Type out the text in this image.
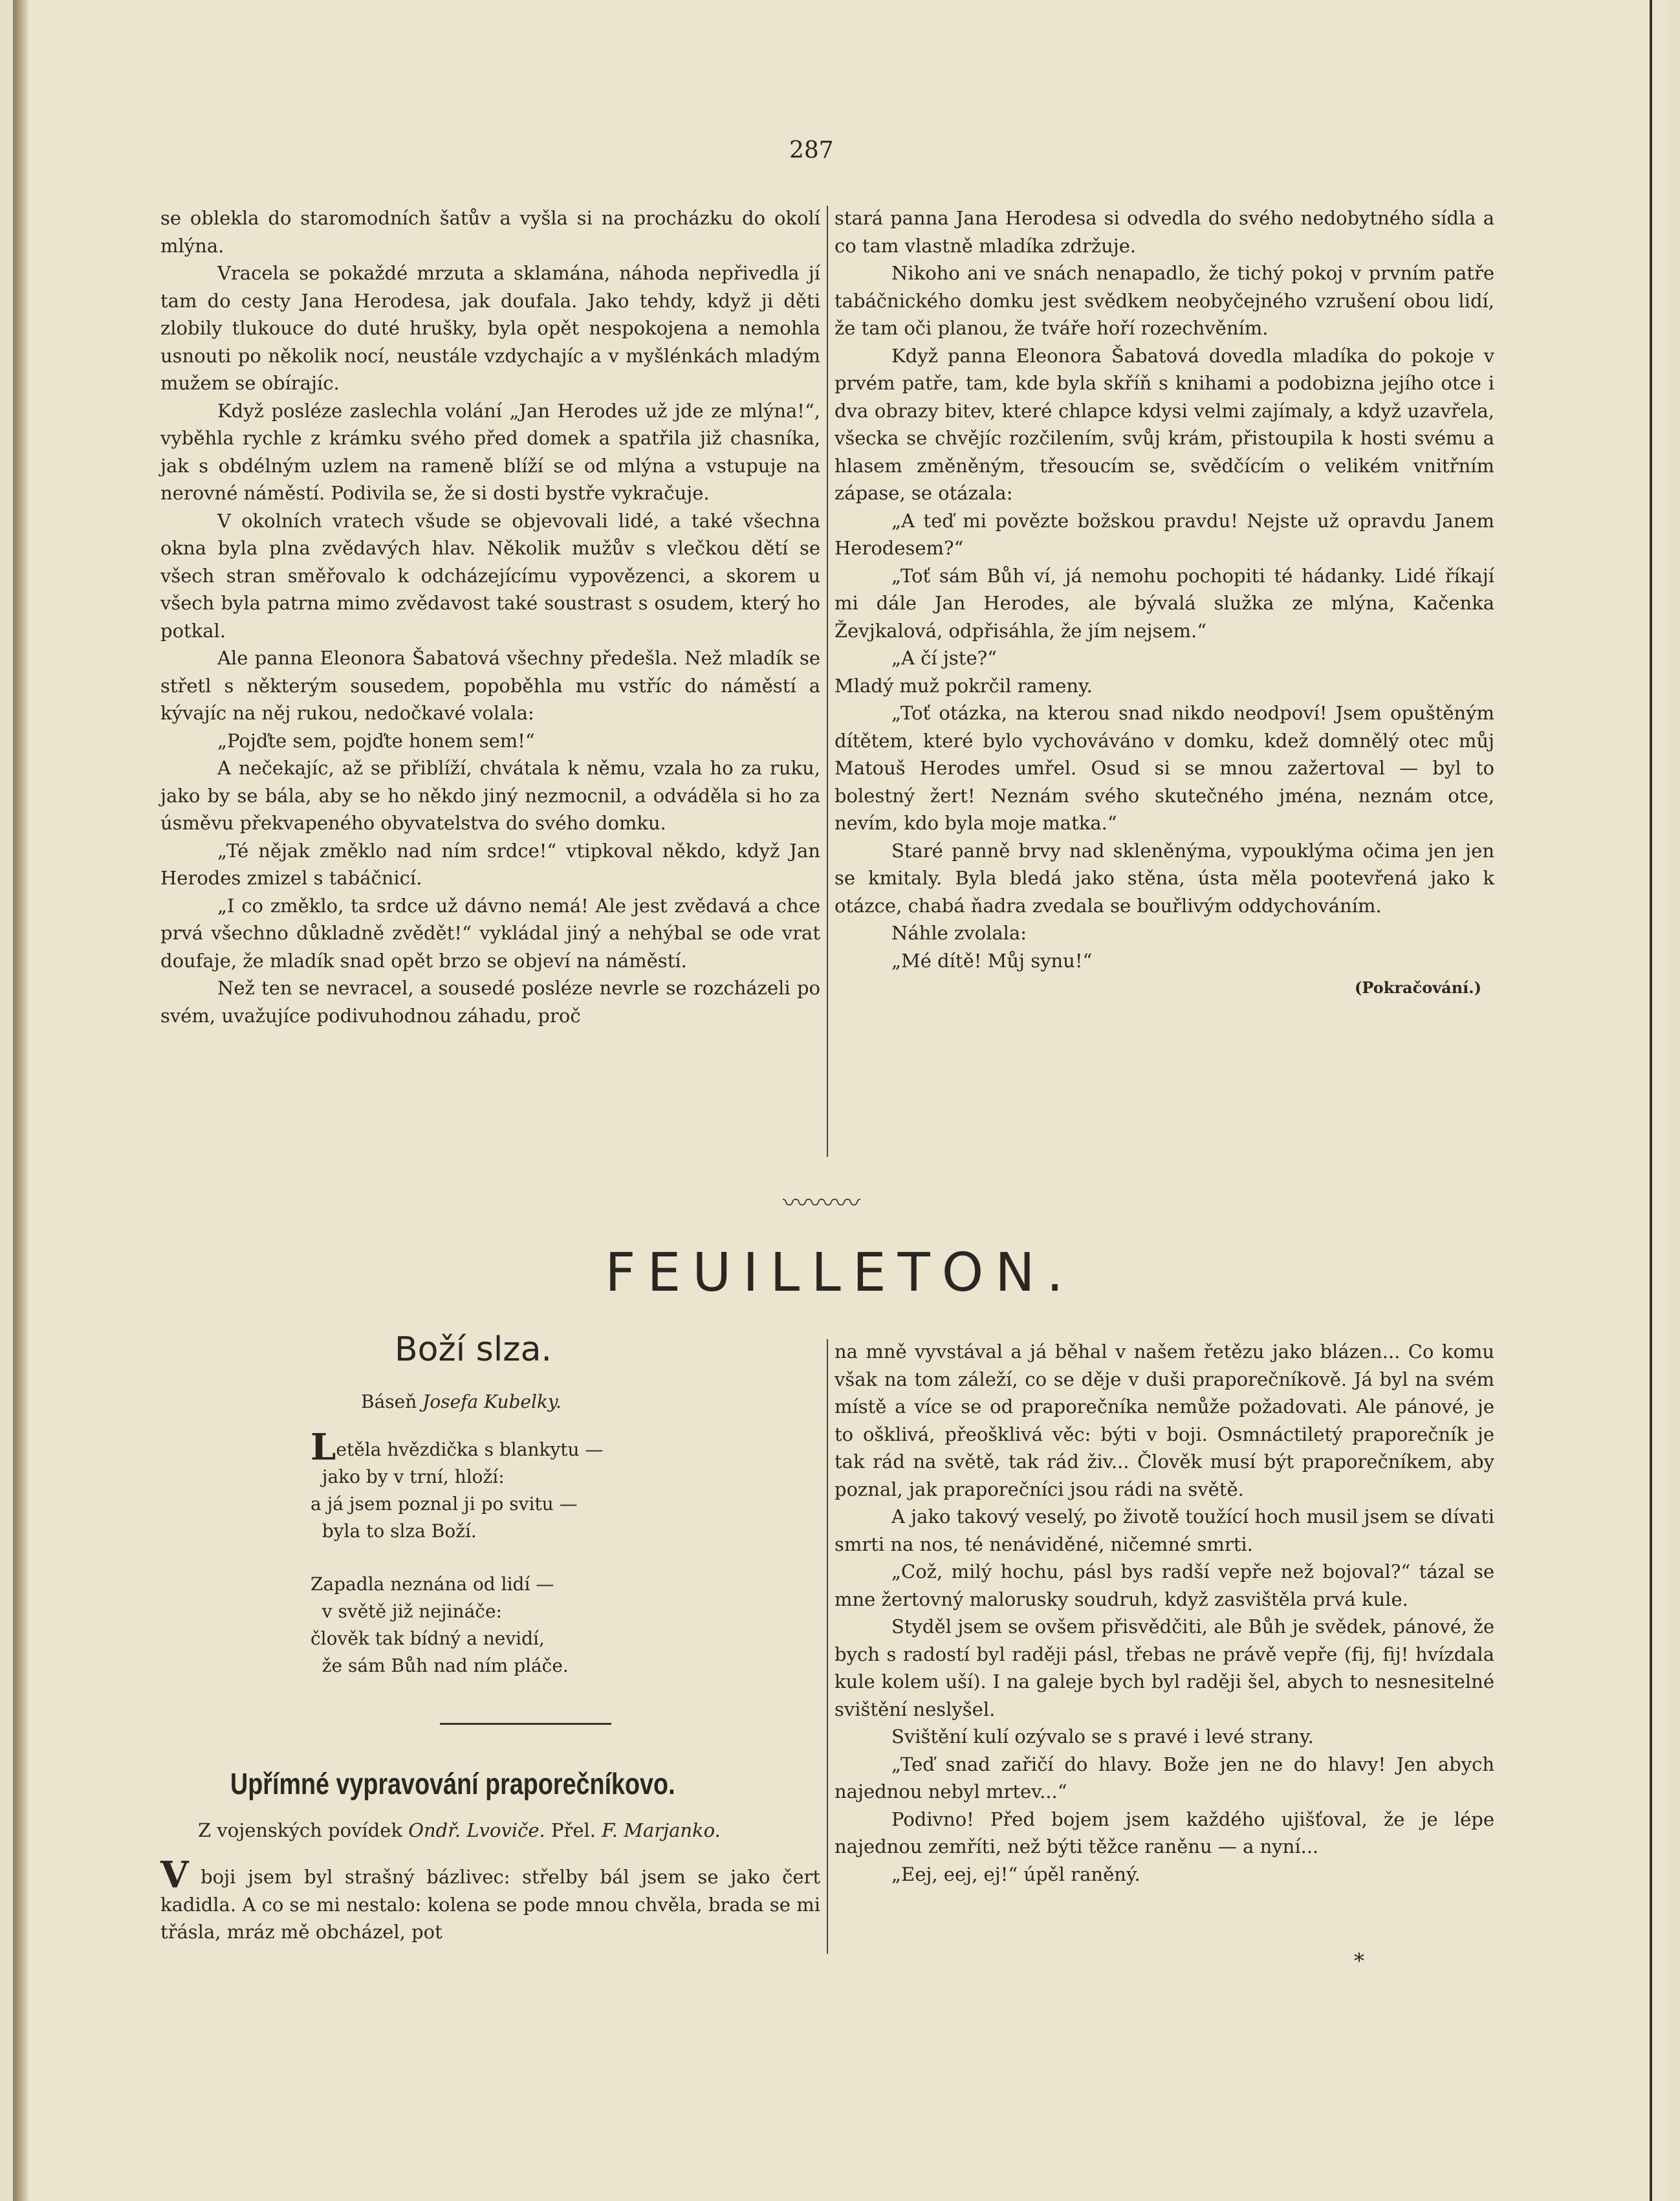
287

se oblekla do staromodních šatův a vyšla si na procházku do okolí mlýna.

Vracela se pokaždé mrzuta a sklamána, náhoda nepřivedla jí tam do cesty Jana Herodesa, jak doufala. Jako tehdy, když ji děti zlobily tlukouce do duté hrušky, byla opět nespokojena a nemohla usnouti po několik nocí, neustále vzdychajíc a v myšlénkách mladým mužem se obírajíc.

Když posléze zaslechla volání „Jan Herodes už jde ze mlýna!“, vyběhla rychle z krámku svého před domek a spatřila již chasníka, jak s obdélným uzlem na rameně blíží se od mlýna a vstupuje na nerovné náměstí. Podivila se, že si dosti bystře vykračuje.

V okolních vratech všude se objevovali lidé, a také všechna okna byla plna zvědavých hlav. Několik mužův s vlečkou dětí se všech stran směřovalo k odcházejícímu vypovězenci, a skorem u všech byla patrna mimo zvědavost také soustrast s osudem, který ho potkal.

Ale panna Eleonora Šabatová všechny předešla. Než mladík se střetl s některým sousedem, popoběhla mu vstříc do náměstí a kývajíc na něj rukou, nedočkavé volala:

„Pojďte sem, pojďte honem sem!“

A nečekajíc, až se přiblíží, chvátala k němu, vzala ho za ruku, jako by se bála, aby se ho někdo jiný nezmocnil, a odváděla si ho za úsměvu překvapeného obyvatelstva do svého domku.

„Té nějak změklo nad ním srdce!“ vtipkoval někdo, když Jan Herodes zmizel s tabáčnicí.

„I co změklo, ta srdce už dávno nemá! Ale jest zvědavá a chce prvá všechno důkladně zvědět!“ vykládal jiný a nehýbal se ode vrat doufaje, že mladík snad opět brzo se objeví na náměstí.

Než ten se nevracel, a sousedé posléze nevrle se rozcházeli po svém, uvažujíce podivuhodnou záhadu, proč

stará panna Jana Herodesa si odvedla do svého nedobytného sídla a co tam vlastně mladíka zdržuje.

Nikoho ani ve snách nenapadlo, že tichý pokoj v prvním patře tabáčnického domku jest svědkem neobyčejného vzrušení obou lidí, že tam oči planou, že tváře hoří rozechvěním.

Když panna Eleonora Šabatová dovedla mladíka do pokoje v prvém patře, tam, kde byla skříň s knihami a podobizna jejího otce i dva obrazy bitev, které chlapce kdysi velmi zajímaly, a když uzavřela, všecka se chvějíc rozčilením, svůj krám, přistoupila k hosti svému a hlasem změněným, třesoucím se, svědčícím o velikém vnitřním zápase, se otázala:

„A teď mi povězte božskou pravdu! Nejste už opravdu Janem Herodesem?“

„Toť sám Bůh ví, já nemohu pochopiti té hádanky. Lidé říkají mi dále Jan Herodes, ale bývalá služka ze mlýna, Kačenka Ževjkalová, odpřisáhla, že jím nejsem.“

„A čí jste?“

Mladý muž pokrčil rameny.

„Toť otázka, na kterou snad nikdo neodpoví! Jsem opuštěným dítětem, které bylo vychováváno v domku, kdež domnělý otec můj Matouš Herodes umřel. Osud si se mnou zažertoval — byl to bolestný žert! Neznám svého skutečného jména, neznám otce, nevím, kdo byla moje matka.“

Staré panně brvy nad skleněnýma, vypouklýma očima jen jen se kmitaly. Byla bledá jako stěna, ústa měla pootevřená jako k otázce, chabá ňadra zvedala se bouřlivým oddychováním.

Náhle zvolala:

„Mé dítě! Můj synu!“

(Pokračování.)
〰〰〰
FEUILLETON.
Boží slza.
Báseň Josefa Kubelky.
Letěla hvězdička s blankytu —
jako by v trní, hloží:
a já jsem poznal ji po svitu —
byla to slza Boží.
Zapadla neznána od lidí —
v světě již nejináče:
člověk tak bídný a nevidí,
že sám Bůh nad ním pláče.
Upřímné vypravování praporečníkovo.
Z vojenských povídek Ondř. Lvoviče. Přel. F. Marjanko.

V boji jsem byl strašný bázlivec: střelby bál jsem se jako čert kadidla. A co se mi nestalo: kolena se pode mnou chvěla, brada se mi třásla, mráz mě obcházel, pot

na mně vyvstával a já běhal v našem řetězu jako blázen... Co komu však na tom záleží, co se děje v duši praporečníkově. Já byl na svém místě a více se od praporečníka nemůže požadovati. Ale pánové, je to ošklivá, přeošklivá věc: býti v boji. Osmnáctiletý praporečník je tak rád na světě, tak rád živ... Člověk musí být praporečníkem, aby poznal, jak praporečníci jsou rádi na světě.

A jako takový veselý, po životě toužící hoch musil jsem se dívati smrti na nos, té nenáviděné, ničemné smrti.

„Což, milý hochu, pásl bys radší vepře než bojoval?“ tázal se mne žertovný malorusky soudruh, když zasvištěla prvá kule.

Styděl jsem se ovšem přisvědčiti, ale Bůh je svědek, pánové, že bych s radostí byl raději pásl, třebas ne právě vepře (fij, fij! hvízdala kule kolem uší). I na galeje bych byl raději šel, abych to nesnesitelné svištění neslyšel.

Svištění kulí ozývalo se s pravé i levé strany.

„Teď snad zařičí do hlavy. Bože jen ne do hlavy! Jen abych najednou nebyl mrtev...“

Podivno! Před bojem jsem každého ujišťoval, že je lépe najednou zemříti, než býti těžce raněnu — a nyní...

„Eej, eej, ej!“ úpěl raněný.

*
